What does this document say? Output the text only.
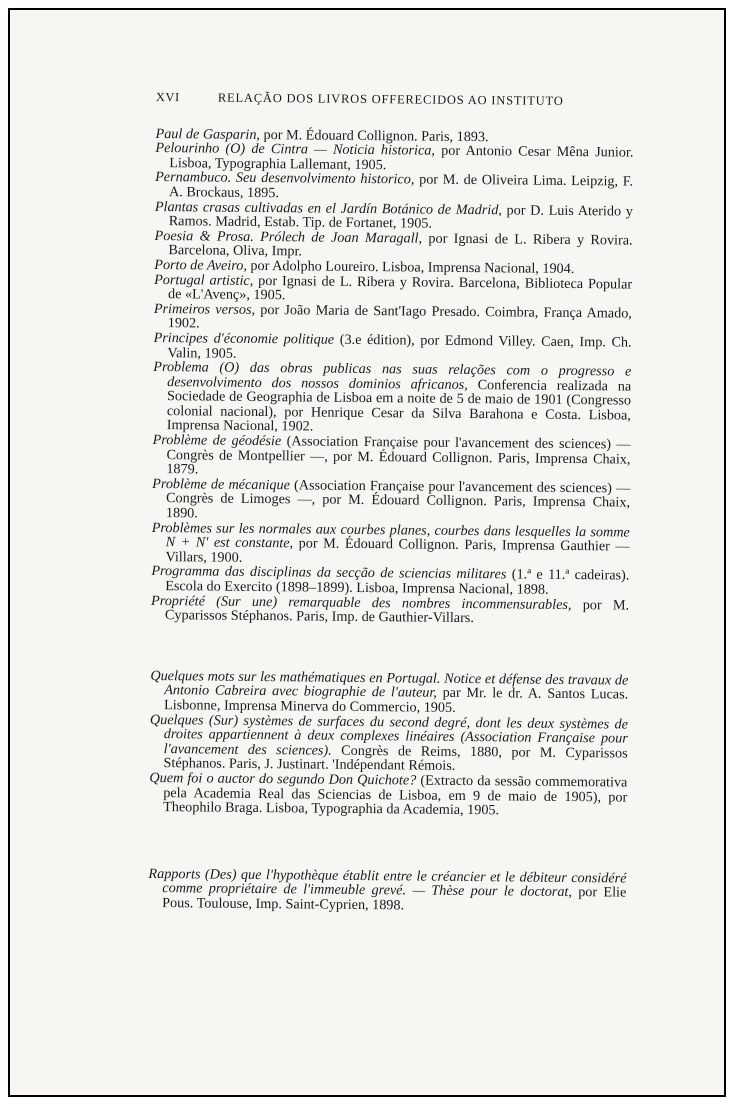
XVI	RELAÇÃO DOS LIVROS OFFERECIDOS AO INSTITUTO

Paul de Gasparin, por M. Édouard Collignon. Paris, 1893.

Pelourinho (O) de Cintra — Noticia historica, por Antonio Cesar Mêna Junior. Lisboa, Typographia Lallemant, 1905.

Pernambuco. Seu desenvolvimento historico, por M. de Oliveira Lima. Leipzig, F. A. Brockaus, 1895.

Plantas crasas cultivadas en el Jardín Botánico de Madrid, por D. Luis Aterido y Ramos. Madrid, Estab. Tip. de Fortanet, 1905.

Poesia & Prosa. Prólech de Joan Maragall, por Ignasi de L. Ribera y Rovira. Barcelona, Oliva, Impr.

Porto de Aveiro, por Adolpho Loureiro. Lisboa, Imprensa Nacional, 1904.

Portugal artistic, por Ignasi de L. Ribera y Rovira. Barcelona, Biblioteca Popular de «L'Avenç», 1905.

Primeiros versos, por João Maria de Sant'Iago Presado. Coimbra, França Amado, 1902.

Principes d'économie politique (3.e édition), por Edmond Villey. Caen, Imp. Ch. Valin, 1905.

Problema (O) das obras publicas nas suas relações com o progresso e desenvolvimento dos nossos dominios africanos, Conferencia realizada na Sociedade de Geographia de Lisboa em a noite de 5 de maio de 1901 (Congresso colonial nacional), por Henrique Cesar da Silva Barahona e Costa. Lisboa, Imprensa Nacional, 1902.

Problème de géodésie (Association Française pour l'avancement des sciences) — Congrès de Montpellier —, por M. Édouard Collignon. Paris, Imprensa Chaix, 1879.

Problème de mécanique (Association Française pour l'avancement des sciences) — Congrès de Limoges —, por M. Édouard Collignon. Paris, Imprensa Chaix, 1890.

Problèmes sur les normales aux courbes planes, courbes dans lesquelles la somme N + N' est constante, por M. Édouard Collignon. Paris, Imprensa Gauthier — Villars, 1900.

Programma das disciplinas da secção de sciencias militares (1.ª e 11.ª cadeiras). Escola do Exercito (1898–1899). Lisboa, Imprensa Nacional, 1898.

Propriété (Sur une) remarquable des nombres incommensurables, por M. Cyparissos Stéphanos. Paris, Imp. de Gauthier-Villars.

Quelques mots sur les mathématiques en Portugal. Notice et défense des travaux de Antonio Cabreira avec biographie de l'auteur, par Mr. le dr. A. Santos Lucas. Lisbonne, Imprensa Minerva do Commercio, 1905.

Quelques (Sur) systèmes de surfaces du second degré, dont les deux systèmes de droites appartiennent à deux complexes linéaires (Association Française pour l'avancement des sciences). Congrès de Reims, 1880, por M. Cyparissos Stéphanos. Paris, J. Justinart. 'Indépendant Rémois.

Quem foi o auctor do segundo Don Quichote? (Extracto da sessão commemorativa pela Academia Real das Sciencias de Lisboa, em 9 de maio de 1905), por Theophilo Braga. Lisboa, Typographia da Academia, 1905.

Rapports (Des) que l'hypothèque établit entre le créancier et le débiteur considéré comme propriétaire de l'immeuble grevé. — Thèse pour le doctorat, por Elie Pous. Toulouse, Imp. Saint-Cyprien, 1898.
